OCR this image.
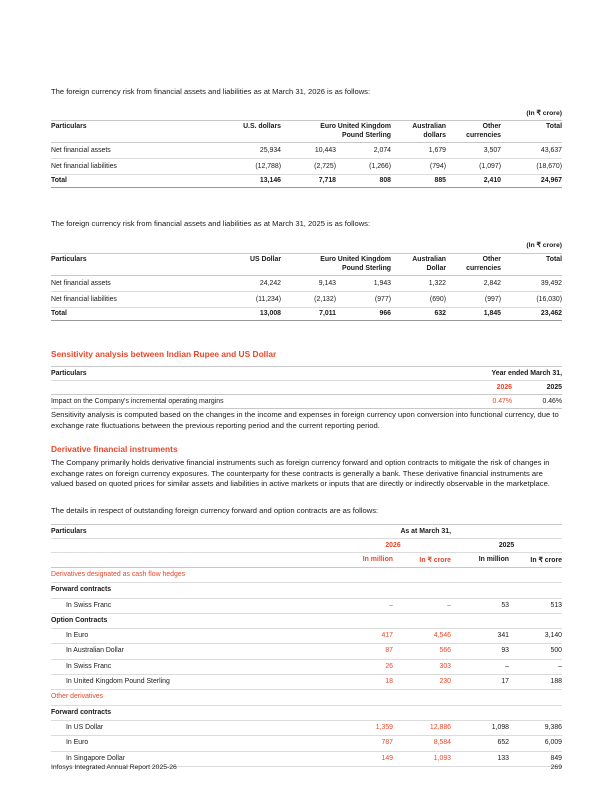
The foreign currency risk from financial assets and liabilities as at March 31, 2026 is as follows:
(In ₹ crore)
Particulars	U.S. dollars	Euro	United Kingdom Pound Sterling	Australian dollars	Other currencies	Total
Net financial assets	25,934	10,443	2,074	1,679	3,507	43,637
Net financial liabilities	(12,788)	(2,725)	(1,266)	(794)	(1,097)	(18,670)
Total	13,146	7,718	808	885	2,410	24,967
The foreign currency risk from financial assets and liabilities as at March 31, 2025 is as follows:
(In ₹ crore)
Particulars	US Dollar	Euro	United Kingdom Pound Sterling	Australian Dollar	Other currencies	Total
Net financial assets	24,242	9,143	1,943	1,322	2,842	39,492
Net financial liabilities	(11,234)	(2,132)	(977)	(690)	(997)	(16,030)
Total	13,008	7,011	966	632	1,845	23,462
Sensitivity analysis between Indian Rupee and US Dollar
Particulars	Year ended March 31,	
	2026	2025
Impact on the Company's incremental operating margins	0.47%	0.46%
Sensitivity analysis is computed based on the changes in the income and expenses in foreign currency upon conversion into functional currency, due to exchange rate fluctuations between the previous reporting period and the current reporting period.
Derivative financial instruments
The Company primarily holds derivative financial instruments such as foreign currency forward and option contracts to mitigate the risk of changes in exchange rates on foreign currency exposures. The counterparty for these contracts is generally a bank. These derivative financial instruments are valued based on quoted prices for similar assets and liabilities in active markets or inputs that are directly or indirectly observable in the marketplace.
The details in respect of outstanding foreign currency forward and option contracts are as follows:
Particulars	As at March 31,			
	2026		2025	
	In million	In ₹ crore	In million	In ₹ crore
Derivatives designated as cash flow hedges				
Forward contracts				
In Swiss Franc	–	–	53	513
Option Contracts				
In Euro	417	4,546	341	3,140
In Australian Dollar	87	566	93	500
In Swiss Franc	26	303	–	–
In United Kingdom Pound Sterling	18	230	17	188
Other derivatives				
Forward contracts				
In US Dollar	1,359	12,886	1,098	9,386
In Euro	787	8,584	652	6,009
In Singapore Dollar	149	1,093	133	849
Infosys Integrated Annual Report 2025-26	269
